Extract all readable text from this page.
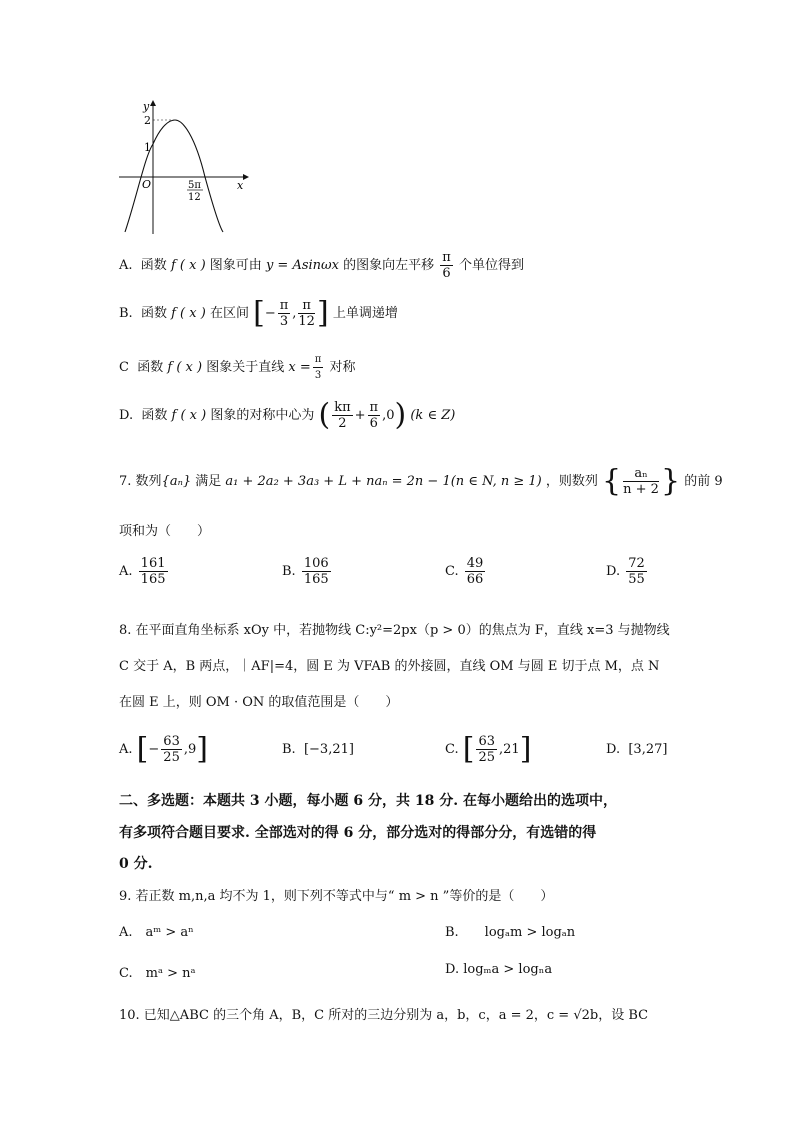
y
x
O
2
1
5π
12
A. 函数 f ( x ) 图象可由 y = Asinωx 的图象向左平移 $\frac{\pi}{6}$ 个单位得到
B. 函数 f ( x ) 在区间 [− $\frac{\pi}{3}$ , $\frac{\pi}{12}$ ] 上单调递增
C 函数 f ( x ) 图象关于直线 $x = \frac{\pi}{3}$ 对称
D. 函数 f ( x ) 图象的对称中心为 ( $\frac{k\pi}{2} + \frac{\pi}{6} ,0$) (k ∈ Z)
7. 数列{aₙ} 满足 a₁ + 2a₂ + 3a₃ + L + naₙ = 2n − 1(n ∈ N, n ≥ 1) ，则数列 { $\frac{\text{aₙ}}{n + 2}$ } 的前 9
项和为（　　）
A. $\frac{161}{165}$	B. $\frac{106}{165}$	C. $\frac{49}{66}$	D. $\frac{72}{55}$
8. 在平面直角坐标系 xOy 中，若抛物线 C:y²=2px（p > 0）的焦点为 F，直线 x=3 与抛物线
C 交于 A，B 两点，｜AF|=4，圆 E 为 VFAB 的外接圆，直线 OM 与圆 E 切于点 M，点 N
在圆 E 上，则 OM · ON 的取值范围是（　　）
A. [− $\frac{63}{25} ,9$]	B. [−3,21]	C. [ $\frac{63}{25} ,21$]	D. [3,27]
二、多选题：本题共 3 小题，每小题 6 分，共 18 分. 在每小题给出的选项中，
有多项符合题目要求. 全部选对的得 6 分，部分选对的得部分分，有选错的得
0 分.
9. 若正数 m,n,a 均不为 1，则下列不等式中与“ m > n ”等价的是（　　）
A.　aᵐ > aⁿ	B.　　logₐm > logₐn
C.　mᵃ > nᵃ	D. logₘa > logₙa
10. 已知△ABC 的三个角 A，B，C 所对的三边分别为 a，b，c，a = 2，c = √2b，设 BC
